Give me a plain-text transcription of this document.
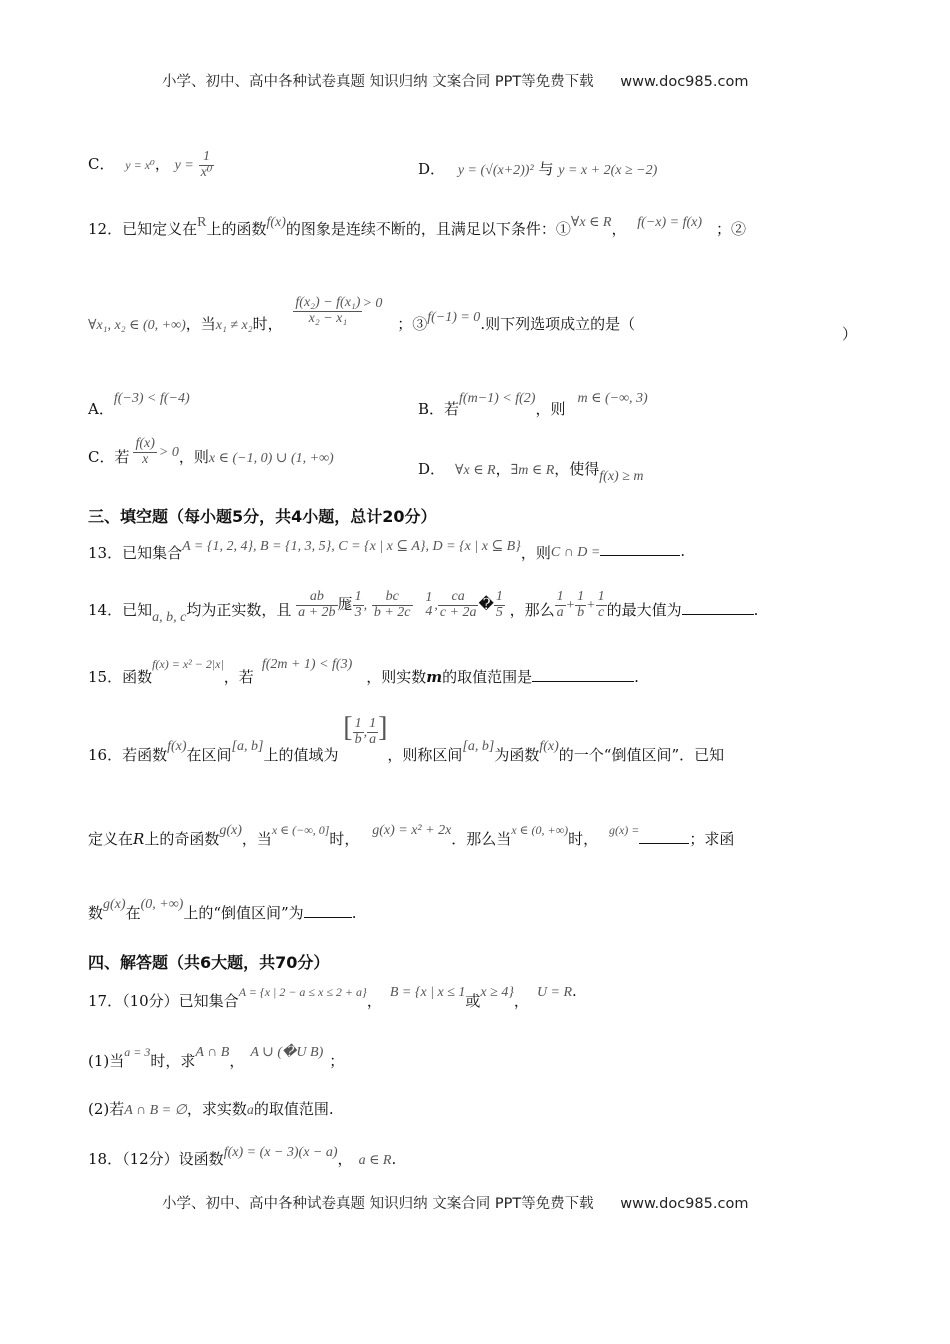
小学、初中、高中各种试卷真题 知识归纳 文案合同 PPT等免费下载 www.doc985.com
C． y = x⁰， $y = \frac{1}{\text{x⁰}}$	D． y = (√(x+2))² 与 y = x + 2(x ≥ −2)
12．已知定义在R上的函数f(x)的图象是连续不断的，且满足以下条件：①∀x ∈ R， f(−x) = f(x) ；②
∀x₁, x₂ ∈ (0, +∞)，当x₁ ≠ x₂时， $\frac{\text{f(x₂) − f(x₁)}}{\text{x₂ − x₁}} > 0$ ；③f(−1) = 0.则下列选项成立的是（
）
A．f(−3) < f(−4)
B．若f(m−1) < f(2)，则m ∈ (−∞, 3)
C．若 $\frac{f(x)}{x} > 0$，则x ∈ (−1, 0) ∪ (1, +∞)
D． ∀x ∈ R，∃m ∈ R，使得f(x) ≥ m
三、填空题（每小题5分，共4小题，总计20分）
13．已知集合A = {1, 2, 4}, B = {1, 3, 5}, C = {x | x ⊆ A}, D = {x | x ⊆ B}，则C ∩ D =	.
14．已知a, b, c均为正实数，且 $\frac{ab}{a + 2b}$ 厖 $\frac{1}{3}$ , $\frac{bc}{b + 2c}$
1
4 , $\frac{ca}{c + 2a}$ � $\frac{1}{5}$ ，那么 $\frac{1}{a} + \frac{1}{b} + \frac{1}{c}$ 的最大值为	.
15．函数f(x) = x² − 2|x|，若f(2m + 1) < f(3)，则实数m的取值范围是	.
16．若函数f(x)在区间[a, b]上的值域为 [ $\frac{1}{b}$ , $\frac{1}{a}$ ]，则称区间[a, b]为函数f(x)的一个“倒值区间”．已知
定义在R上的奇函数g(x)，当x ∈ (−∞, 0]时， g(x) = x² + 2x．那么当x ∈ (0, +∞)时， g(x) =	；求函
数g(x)在(0, +∞)上的“倒值区间”为	.
四、解答题（共6大题，共70分）
17．（10分）已知集合A = {x | 2 − a ≤ x ≤ 2 + a}， B = {x | x ≤ 1或x ≥ 4}， U = R.
(1)当a = 3时，求A ∩ B， A ∪ (�U B) ；
(2)若A ∩ B = ∅，求实数a的取值范围.
18．（12分）设函数f(x) = (x − 3)(x − a)， a ∈ R.
小学、初中、高中各种试卷真题 知识归纳 文案合同 PPT等免费下载 www.doc985.com
